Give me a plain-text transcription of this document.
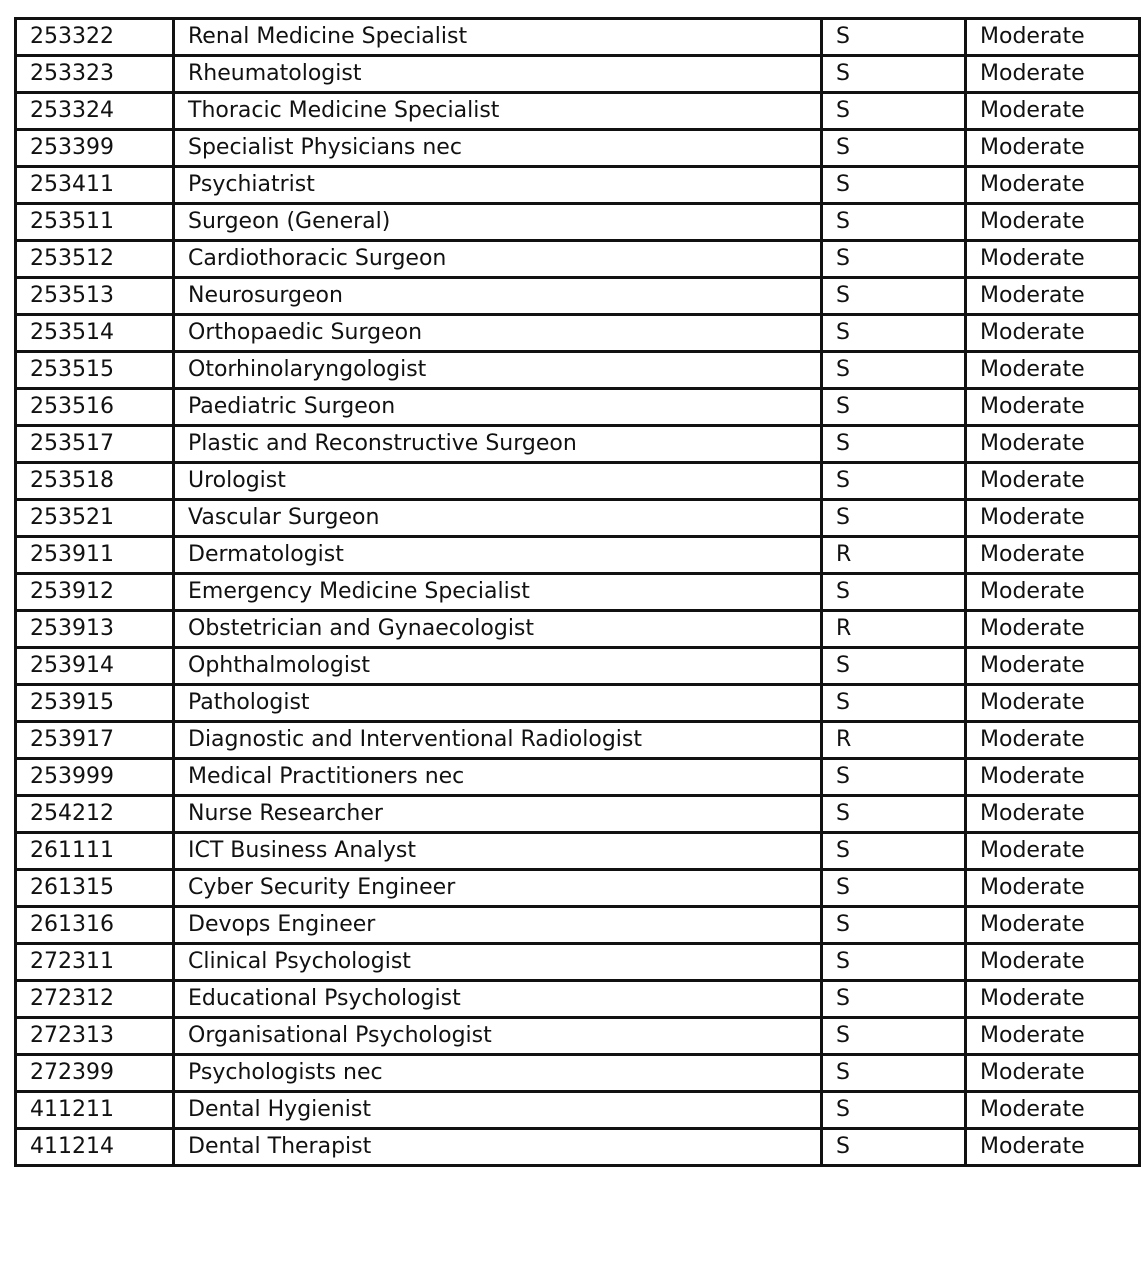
253322	Renal Medicine Specialist	S	Moderate
253323	Rheumatologist	S	Moderate
253324	Thoracic Medicine Specialist	S	Moderate
253399	Specialist Physicians nec	S	Moderate
253411	Psychiatrist	S	Moderate
253511	Surgeon (General)	S	Moderate
253512	Cardiothoracic Surgeon	S	Moderate
253513	Neurosurgeon	S	Moderate
253514	Orthopaedic Surgeon	S	Moderate
253515	Otorhinolaryngologist	S	Moderate
253516	Paediatric Surgeon	S	Moderate
253517	Plastic and Reconstructive Surgeon	S	Moderate
253518	Urologist	S	Moderate
253521	Vascular Surgeon	S	Moderate
253911	Dermatologist	R	Moderate
253912	Emergency Medicine Specialist	S	Moderate
253913	Obstetrician and Gynaecologist	R	Moderate
253914	Ophthalmologist	S	Moderate
253915	Pathologist	S	Moderate
253917	Diagnostic and Interventional Radiologist	R	Moderate
253999	Medical Practitioners nec	S	Moderate
254212	Nurse Researcher	S	Moderate
261111	ICT Business Analyst	S	Moderate
261315	Cyber Security Engineer	S	Moderate
261316	Devops Engineer	S	Moderate
272311	Clinical Psychologist	S	Moderate
272312	Educational Psychologist	S	Moderate
272313	Organisational Psychologist	S	Moderate
272399	Psychologists nec	S	Moderate
411211	Dental Hygienist	S	Moderate
411214	Dental Therapist	S	Moderate
